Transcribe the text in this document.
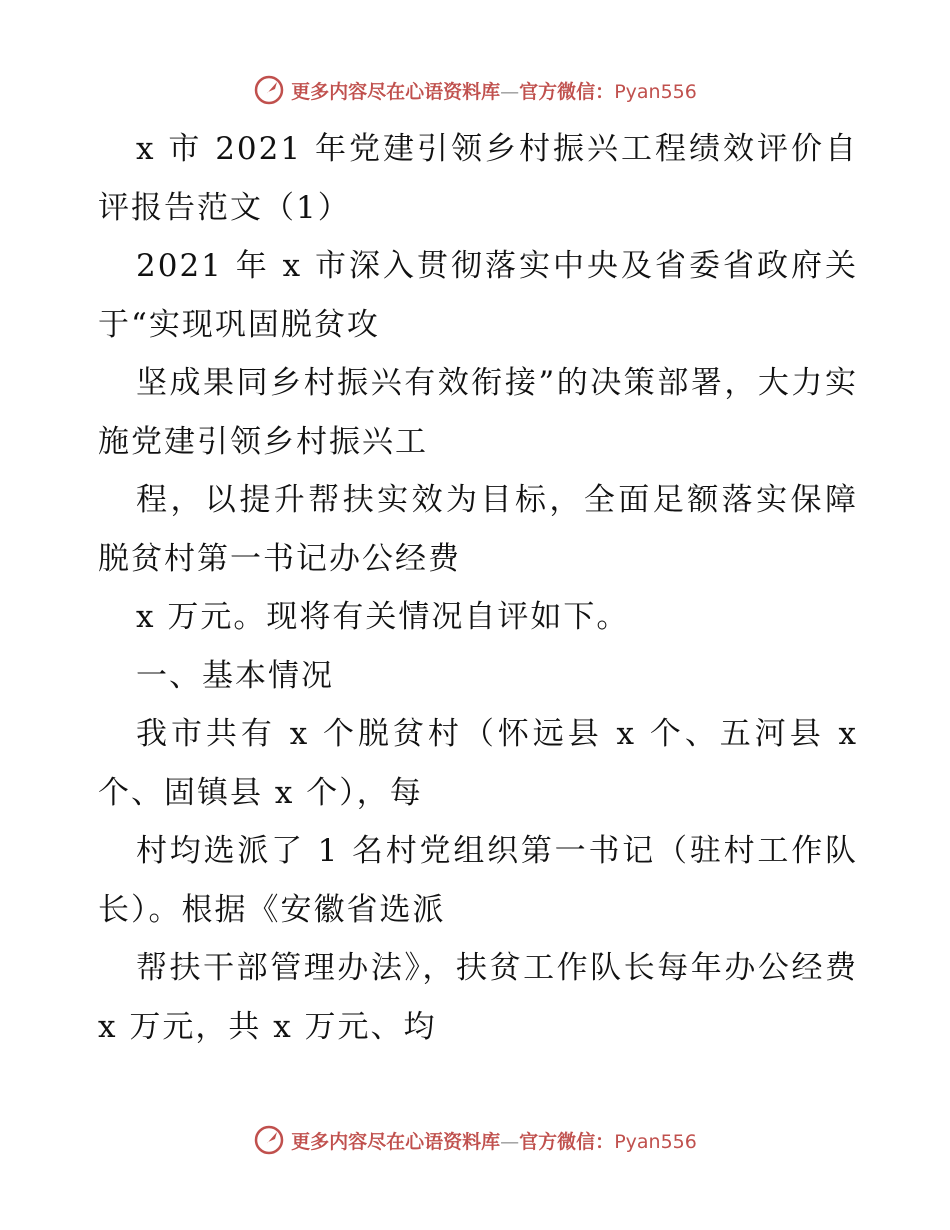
更多内容尽在心语资料库—官方微信：Pyan556

x 市 2021 年党建引领乡村振兴工程绩效评价自评报告范文（1）

2021 年 x 市深入贯彻落实中央及省委省政府关于“实现巩固脱贫攻

坚成果同乡村振兴有效衔接”的决策部署，大力实施党建引领乡村振兴工

程，以提升帮扶实效为目标，全面足额落实保障脱贫村第一书记办公经费

x 万元。现将有关情况自评如下。

一、基本情况

我市共有 x 个脱贫村（怀远县 x 个、五河县 x 个、固镇县 x 个），每

村均选派了 1 名村党组织第一书记（驻村工作队长）。根据《安徽省选派

帮扶干部管理办法》，扶贫工作队长每年办公经费 x 万元，共 x 万元、均

更多内容尽在心语资料库—官方微信：Pyan556
